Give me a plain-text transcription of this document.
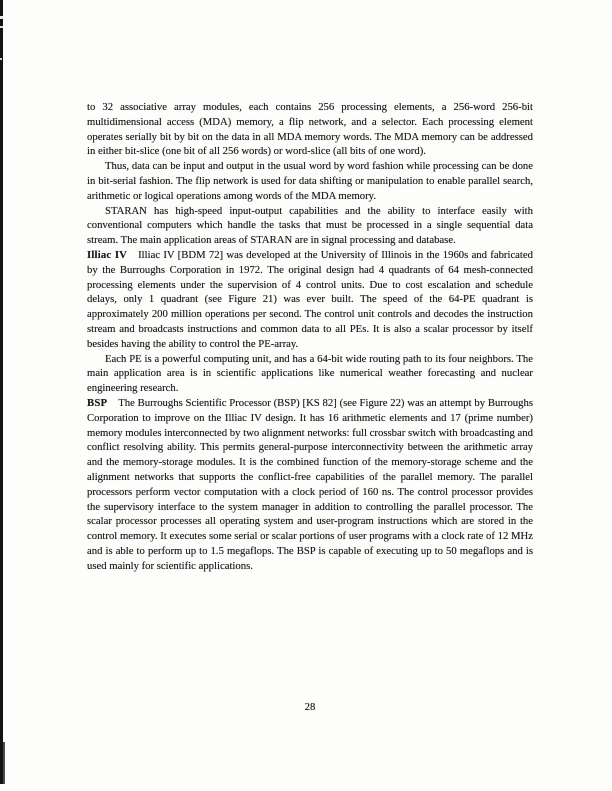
to 32 associative array modules, each contains 256 processing elements, a 256-word 256-bit multidimensional access (MDA) memory, a flip network, and a selector. Each processing element operates serially bit by bit on the data in all MDA memory words. The MDA memory can be addressed in either bit-slice (one bit of all 256 words) or word-slice (all bits of one word).

Thus, data can be input and output in the usual word by word fashion while processing can be done in bit-serial fashion. The flip network is used for data shifting or manipulation to enable parallel search, arithmetic or logical operations among words of the MDA memory.

STARAN has high-speed input-output capabilities and the ability to interface easily with conventional computers which handle the tasks that must be processed in a single sequential data stream. The main application areas of STARAN are in signal processing and database.

Illiac IV Illiac IV [BDM 72] was developed at the University of Illinois in the 1960s and fabricated by the Burroughs Corporation in 1972. The original design had 4 quadrants of 64 mesh-connected processing elements under the supervision of 4 control units. Due to cost escalation and schedule delays, only 1 quadrant (see Figure 21) was ever built. The speed of the 64-PE quadrant is approximately 200 million operations per second. The control unit controls and decodes the instruction stream and broadcasts instructions and common data to all PEs. It is also a scalar processor by itself besides having the ability to control the PE-array.

Each PE is a powerful computing unit, and has a 64-bit wide routing path to its four neighbors. The main application area is in scientific applications like numerical weather forecasting and nuclear engineering research.

BSP The Burroughs Scientific Processor (BSP) [KS 82] (see Figure 22) was an attempt by Burroughs Corporation to improve on the Illiac IV design. It has 16 arithmetic elements and 17 (prime number) memory modules interconnected by two alignment networks: full crossbar switch with broadcasting and conflict resolving ability. This permits general-purpose interconnectivity between the arithmetic array and the memory-storage modules. It is the combined function of the memory-storage scheme and the alignment networks that supports the conflict-free capabilities of the parallel memory. The parallel processors perform vector computation with a clock period of 160 ns. The control processor provides the supervisory interface to the system manager in addition to controlling the parallel processor. The scalar processor processes all operating system and user-program instructions which are stored in the control memory. It executes some serial or scalar portions of user programs with a clock rate of 12 MHz and is able to perform up to 1.5 megaflops. The BSP is capable of executing up to 50 megaflops and is used mainly for scientific applications.

28
